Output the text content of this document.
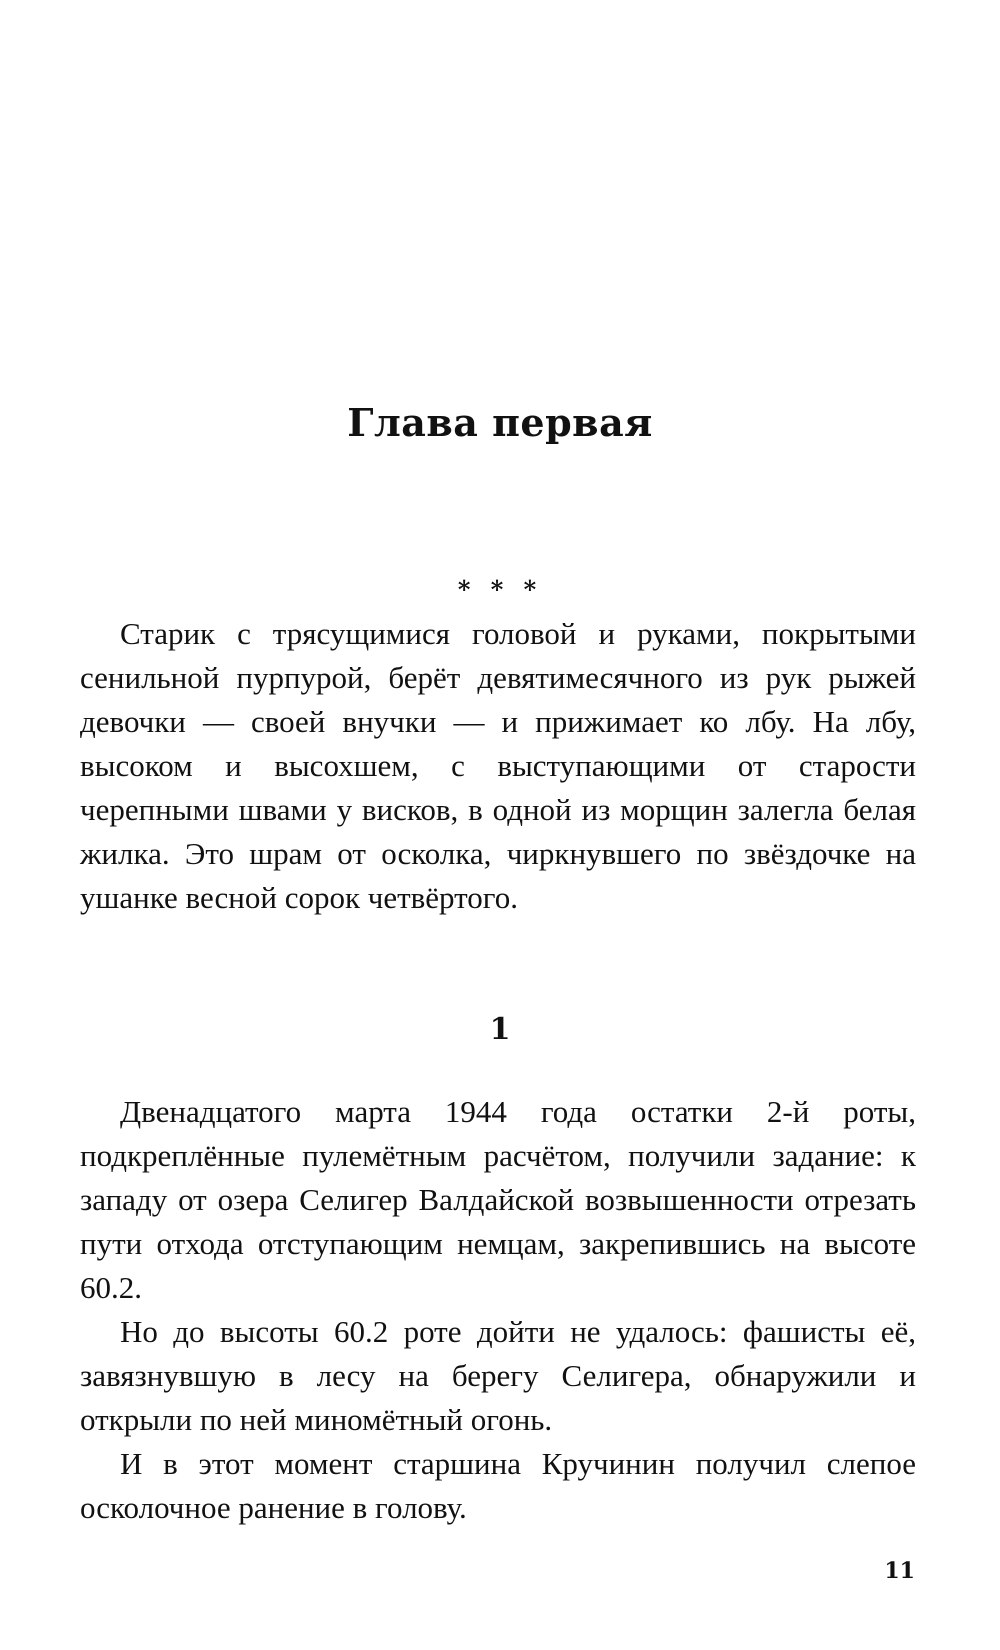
Глава первая
* * *

Старик с трясущимися головой и руками, покрытыми сенильной пурпурой, берёт девятимесячного из рук рыжей девочки — своей внучки — и прижимает ко лбу. На лбу, высоком и высохшем, с выступающими от старости черепными швами у висков, в одной из морщин залегла белая жилка. Это шрам от осколка, чиркнувшего по звёздочке на ушанке весной сорок четвёртого.

1

Двенадцатого марта 1944 года остатки 2-й роты, подкреплённые пулемётным расчётом, получили задание: к западу от озера Селигер Валдайской возвышенности отрезать пути отхода отступающим немцам, закрепившись на высоте 60.2.

Но до высоты 60.2 роте дойти не удалось: фашисты её, завязнувшую в лесу на берегу Селигера, обнаружили и открыли по ней миномётный огонь.

И в этот момент старшина Кручинин получил слепое осколочное ранение в голову.

11
